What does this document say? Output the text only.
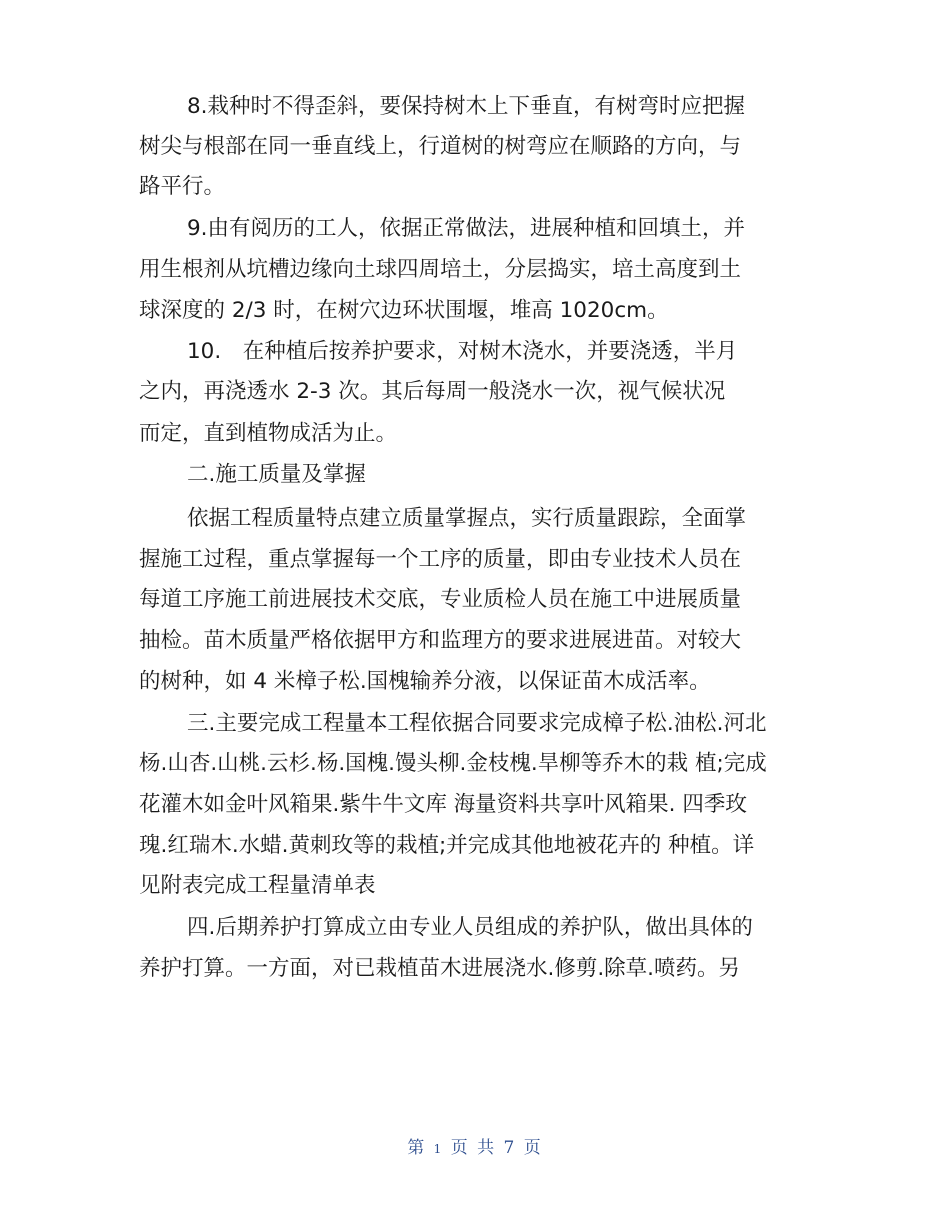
8.栽种时不得歪斜，要保持树木上下垂直，有树弯时应把握
树尖与根部在同一垂直线上，行道树的树弯应在顺路的方向，与
路平行。
9.由有阅历的工人，依据正常做法，进展种植和回填土，并
用生根剂从坑槽边缘向土球四周培土，分层捣实，培土高度到土
球深度的 2/3 时，在树穴边环状围堰，堆高 1020cm。
10.　在种植后按养护要求，对树木浇水，并要浇透，半月
之内，再浇透水 2-3 次。其后每周一般浇水一次，视气候状况
而定，直到植物成活为止。
二.施工质量及掌握
依据工程质量特点建立质量掌握点，实行质量跟踪，全面掌
握施工过程，重点掌握每一个工序的质量，即由专业技术人员在
每道工序施工前进展技术交底，专业质检人员在施工中进展质量
抽检。苗木质量严格依据甲方和监理方的要求进展进苗。对较大
的树种，如 4 米樟子松.国槐输养分液，以保证苗木成活率。
三.主要完成工程量本工程依据合同要求完成樟子松.油松.河北
杨.山杏.山桃.云杉.杨.国槐.馒头柳.金枝槐.旱柳等乔木的栽 植;完成
花灌木如金叶风箱果.紫牛牛文库 海量资料共享叶风箱果. 四季玫
瑰.红瑞木.水蜡.黄刺玫等的栽植;并完成其他地被花卉的 种植。详
见附表完成工程量清单表
四.后期养护打算成立由专业人员组成的养护队，做出具体的
养护打算。一方面，对已栽植苗木进展浇水.修剪.除草.喷药。另
第 1 页 共 7 页
